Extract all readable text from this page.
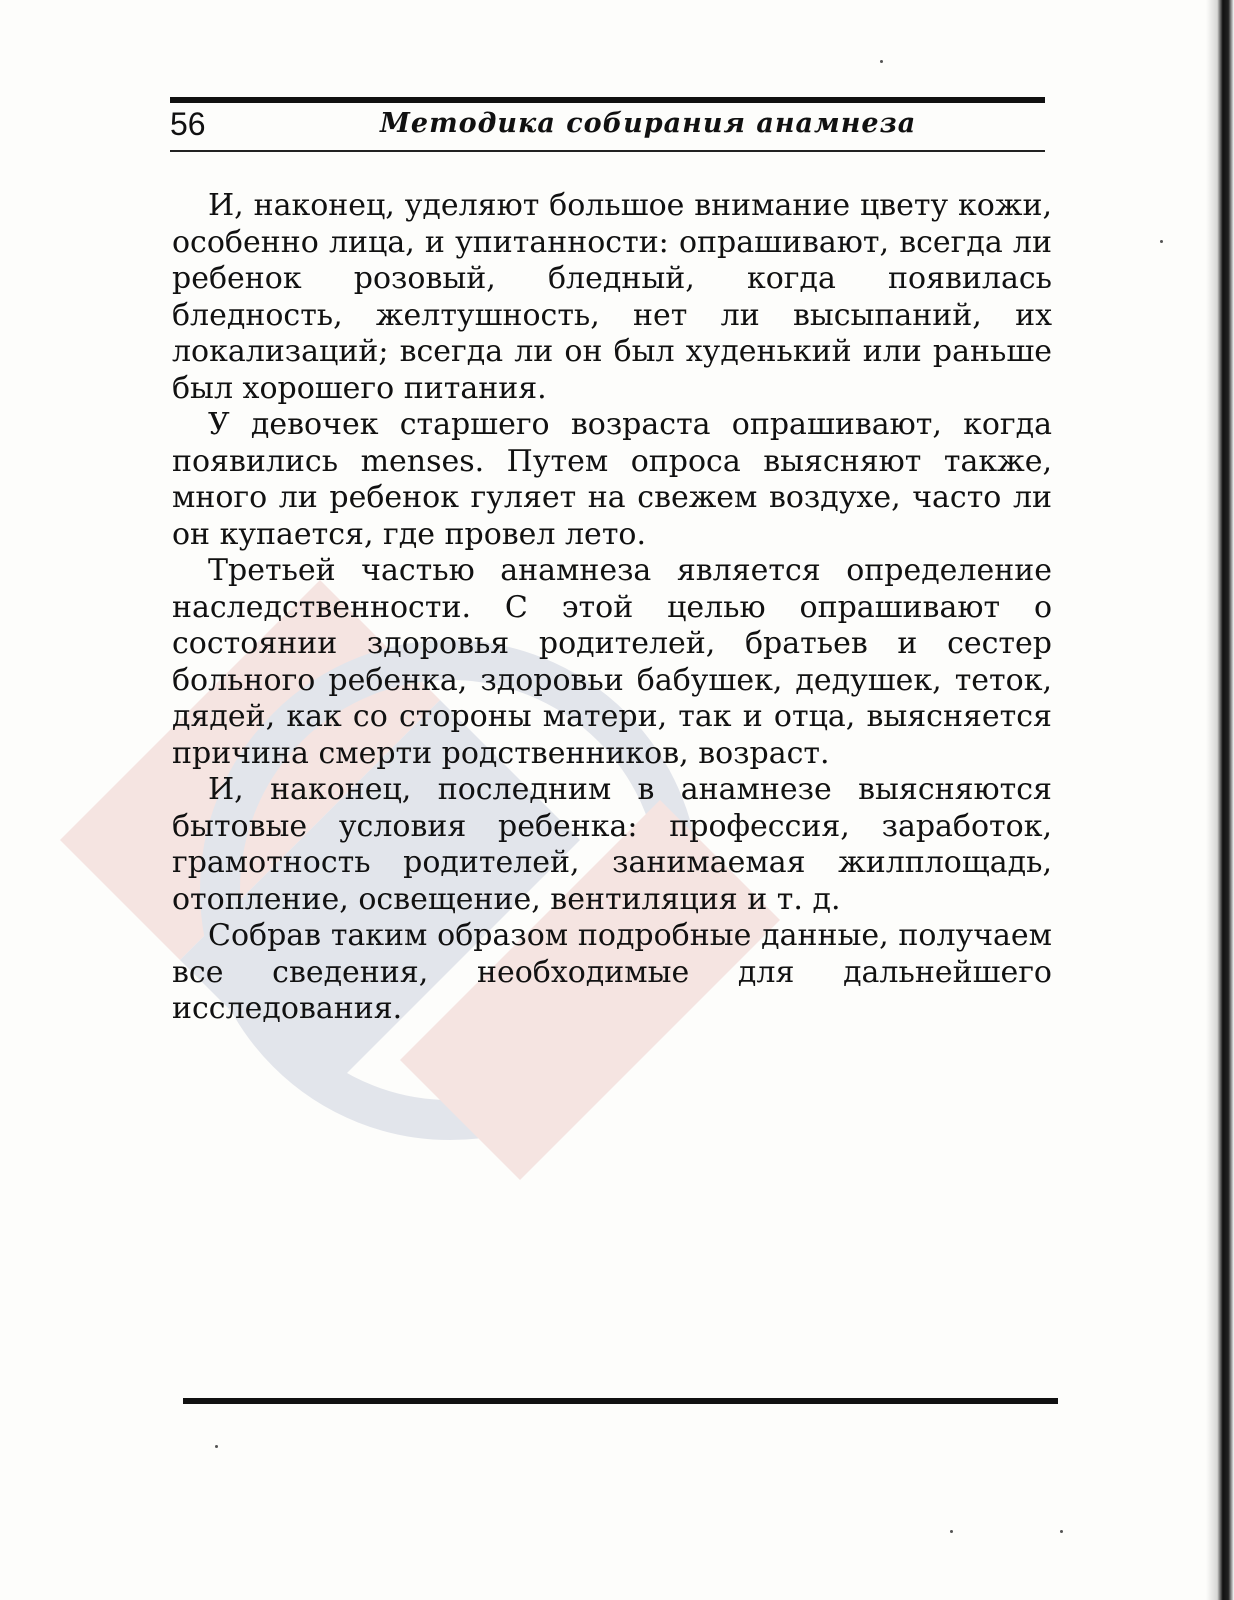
56	Методика собирания анамнеза

И, наконец, уделяют большое внимание цвету кожи, особенно лица, и упитанности: опрашивают, всегда ли ребенок розовый, бледный, когда появилась бледность, желтушность, нет ли высыпаний, их локализаций; всегда ли он был худенький или раньше был хорошего питания.

У девочек старшего возраста опрашивают, когда появились menses. Путем опроса выясняют также, много ли ребенок гуляет на свежем воздухе, часто ли он купается, где провел лето.

Третьей частью анамнеза является определение наследственности. С этой целью опрашивают о состоянии здоровья родителей, братьев и сестер больного ребенка, здоровьи бабушек, дедушек, теток, дядей, как со стороны матери, так и отца, выясняется причина смерти родственников, возраст.

И, наконец, последним в анамнезе выясняются бытовые условия ребенка: профессия, заработок, грамотность родителей, занимаемая жилплощадь, отопление, освещение, вентиляция и т. д.

Собрав таким образом подробные данные, получаем все сведения, необходимые для дальнейшего исследования.
